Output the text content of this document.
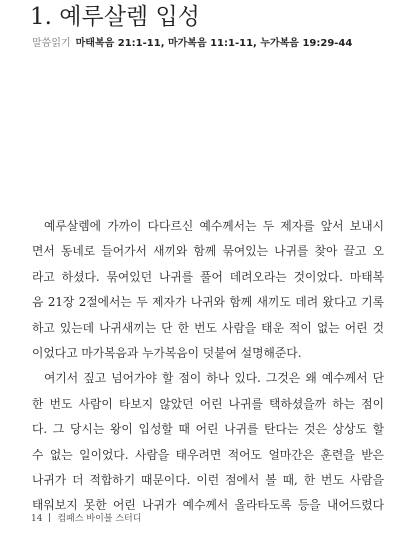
1. 예루살렘 입성
말씀읽기 마태복음 21:1-11, 마가복음 11:1-11, 누가복음 19:29-44

예루살렘에 가까이 다다르신 예수께서는 두 제자를 앞서 보내시
면서 동네로 들어가서 새끼와 함께 묶여있는 나귀를 찾아 끌고 오
라고 하셨다. 묶여있던 나귀를 풀어 데려오라는 것이었다. 마태복
음 21장 2절에서는 두 제자가 나귀와 함께 새끼도 데려 왔다고 기록
하고 있는데 나귀새끼는 단 한 번도 사람을 태운 적이 없는 어린 것
이었다고 마가복음과 누가복음이 덧붙여 설명해준다.

여기서 짚고 넘어가야 할 점이 하나 있다. 그것은 왜 예수께서 단
한 번도 사람이 타보지 않았던 어린 나귀를 택하셨을까 하는 점이
다. 그 당시는 왕이 입성할 때 어린 나귀를 탄다는 것은 상상도 할
수 없는 일이었다. 사람을 태우려면 적어도 얼마간은 훈련을 받은
나귀가 더 적합하기 때문이다. 이런 점에서 볼 때, 한 번도 사람을
태워보지 못한 어린 나귀가 예수께서 올라타도록 등을 내어드렸다

14 컴패스 바이블 스터디
